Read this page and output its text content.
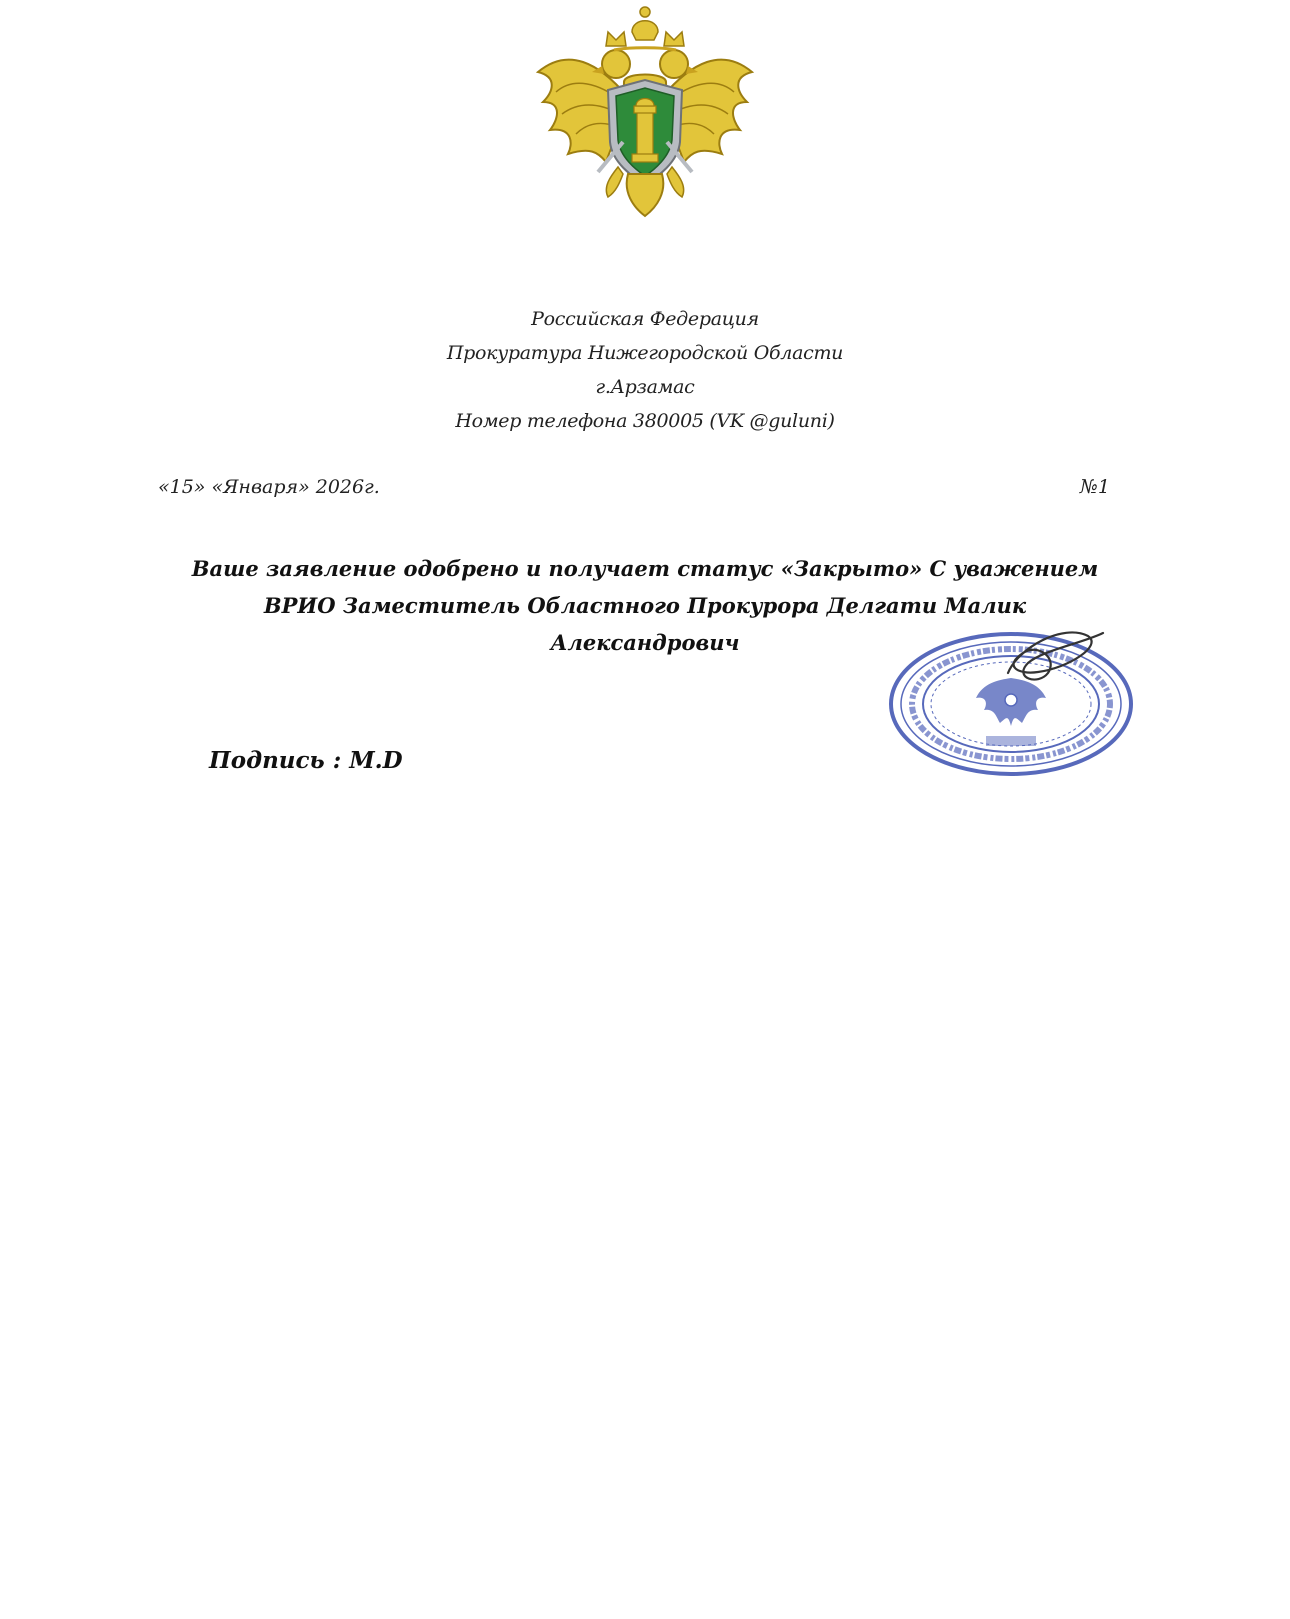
Российская Федерация
Прокуратура Нижегородской Области
г.Арзамас
Номер телефона 380005 (VK @guluni)
«15» «Января» 2026г.	№1
Ваше заявление одобрено и получает статус «Закрыто» С уважением ВРИО Заместитель Областного Прокурора Делгати Малик Александрович
Подпись : M.D
